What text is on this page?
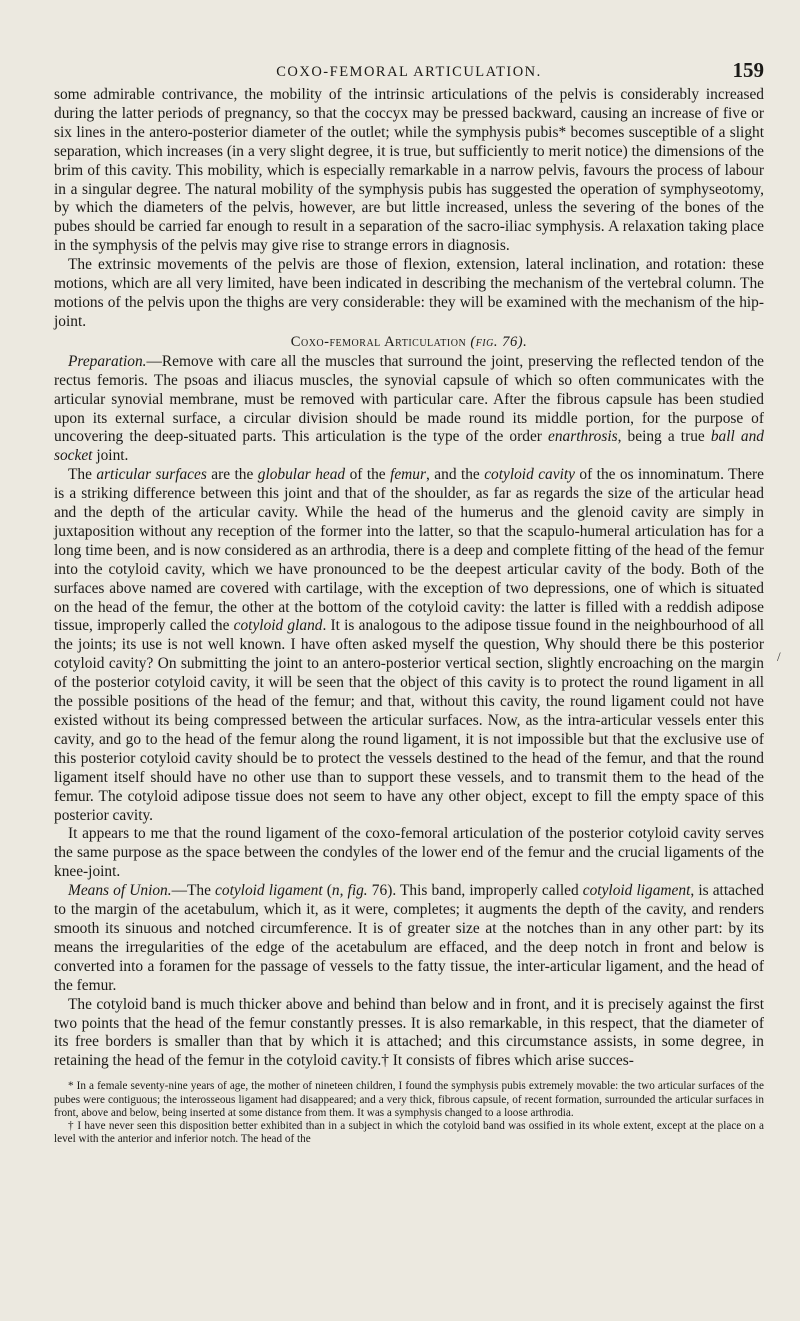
COXO-FEMORAL ARTICULATION.	159

some admirable contrivance, the mobility of the intrinsic articulations of the pelvis is considerably increased during the latter periods of pregnancy, so that the coccyx may be pressed backward, causing an increase of five or six lines in the antero-posterior diameter of the outlet; while the symphysis pubis* becomes susceptible of a slight separation, which increases (in a very slight degree, it is true, but sufficiently to merit notice) the dimensions of the brim of this cavity. This mobility, which is especially remarkable in a narrow pelvis, favours the process of labour in a singular degree. The natural mobility of the symphysis pubis has suggested the operation of symphyseotomy, by which the diameters of the pelvis, however, are but little increased, unless the severing of the bones of the pubes should be carried far enough to result in a separation of the sacro-iliac symphysis. A relaxation taking place in the symphysis of the pelvis may give rise to strange errors in diagnosis.

The extrinsic movements of the pelvis are those of flexion, extension, lateral inclination, and rotation: these motions, which are all very limited, have been indicated in describing the mechanism of the vertebral column. The motions of the pelvis upon the thighs are very considerable: they will be examined with the mechanism of the hip-joint.

Coxo-femoral Articulation (fig. 76).

Preparation.—Remove with care all the muscles that surround the joint, preserving the reflected tendon of the rectus femoris. The psoas and iliacus muscles, the synovial capsule of which so often communicates with the articular synovial membrane, must be removed with particular care. After the fibrous capsule has been studied upon its external surface, a circular division should be made round its middle portion, for the purpose of uncovering the deep-situated parts. This articulation is the type of the order enarthrosis, being a true ball and socket joint.

The articular surfaces are the globular head of the femur, and the cotyloid cavity of the os innominatum. There is a striking difference between this joint and that of the shoulder, as far as regards the size of the articular head and the depth of the articular cavity. While the head of the humerus and the glenoid cavity are simply in juxtaposition without any reception of the former into the latter, so that the scapulo-humeral articulation has for a long time been, and is now considered as an arthrodia, there is a deep and complete fitting of the head of the femur into the cotyloid cavity, which we have pronounced to be the deepest articular cavity of the body. Both of the surfaces above named are covered with cartilage, with the exception of two depressions, one of which is situated on the head of the femur, the other at the bottom of the cotyloid cavity: the latter is filled with a reddish adipose tissue, improperly called the cotyloid gland. It is analogous to the adipose tissue found in the neighbourhood of all the joints; its use is not well known. I have often asked myself the question, Why should there be this posterior cotyloid cavity? On submitting the joint to an antero-posterior vertical section, slightly encroaching on the margin of the posterior cotyloid cavity, it will be seen that the object of this cavity is to protect the round ligament in all the possible positions of the head of the femur; and that, without this cavity, the round ligament could not have existed without its being compressed between the articular surfaces. Now, as the intra-articular vessels enter this cavity, and go to the head of the femur along the round ligament, it is not impossible but that the exclusive use of this posterior cotyloid cavity should be to protect the vessels destined to the head of the femur, and that the round ligament itself should have no other use than to support these vessels, and to transmit them to the head of the femur. The cotyloid adipose tissue does not seem to have any other object, except to fill the empty space of this posterior cavity.

It appears to me that the round ligament of the coxo-femoral articulation of the posterior cotyloid cavity serves the same purpose as the space between the condyles of the lower end of the femur and the crucial ligaments of the knee-joint.

Means of Union.—The cotyloid ligament (n, fig. 76). This band, improperly called cotyloid ligament, is attached to the margin of the acetabulum, which it, as it were, completes; it augments the depth of the cavity, and renders smooth its sinuous and notched circumference. It is of greater size at the notches than in any other part: by its means the irregularities of the edge of the acetabulum are effaced, and the deep notch in front and below is converted into a foramen for the passage of vessels to the fatty tissue, the inter-articular ligament, and the head of the femur.

The cotyloid band is much thicker above and behind than below and in front, and it is precisely against the first two points that the head of the femur constantly presses. It is also remarkable, in this respect, that the diameter of its free borders is smaller than that by which it is attached; and this circumstance assists, in some degree, in retaining the head of the femur in the cotyloid cavity.† It consists of fibres which arise succes-

* In a female seventy-nine years of age, the mother of nineteen children, I found the symphysis pubis extremely movable: the two articular surfaces of the pubes were contiguous; the interosseous ligament had disappeared; and a very thick, fibrous capsule, of recent formation, surrounded the articular surfaces in front, above and below, being inserted at some distance from them. It was a symphysis changed to a loose arthrodia.

† I have never seen this disposition better exhibited than in a subject in which the cotyloid band was ossified in its whole extent, except at the place on a level with the anterior and inferior notch. The head of the

/
